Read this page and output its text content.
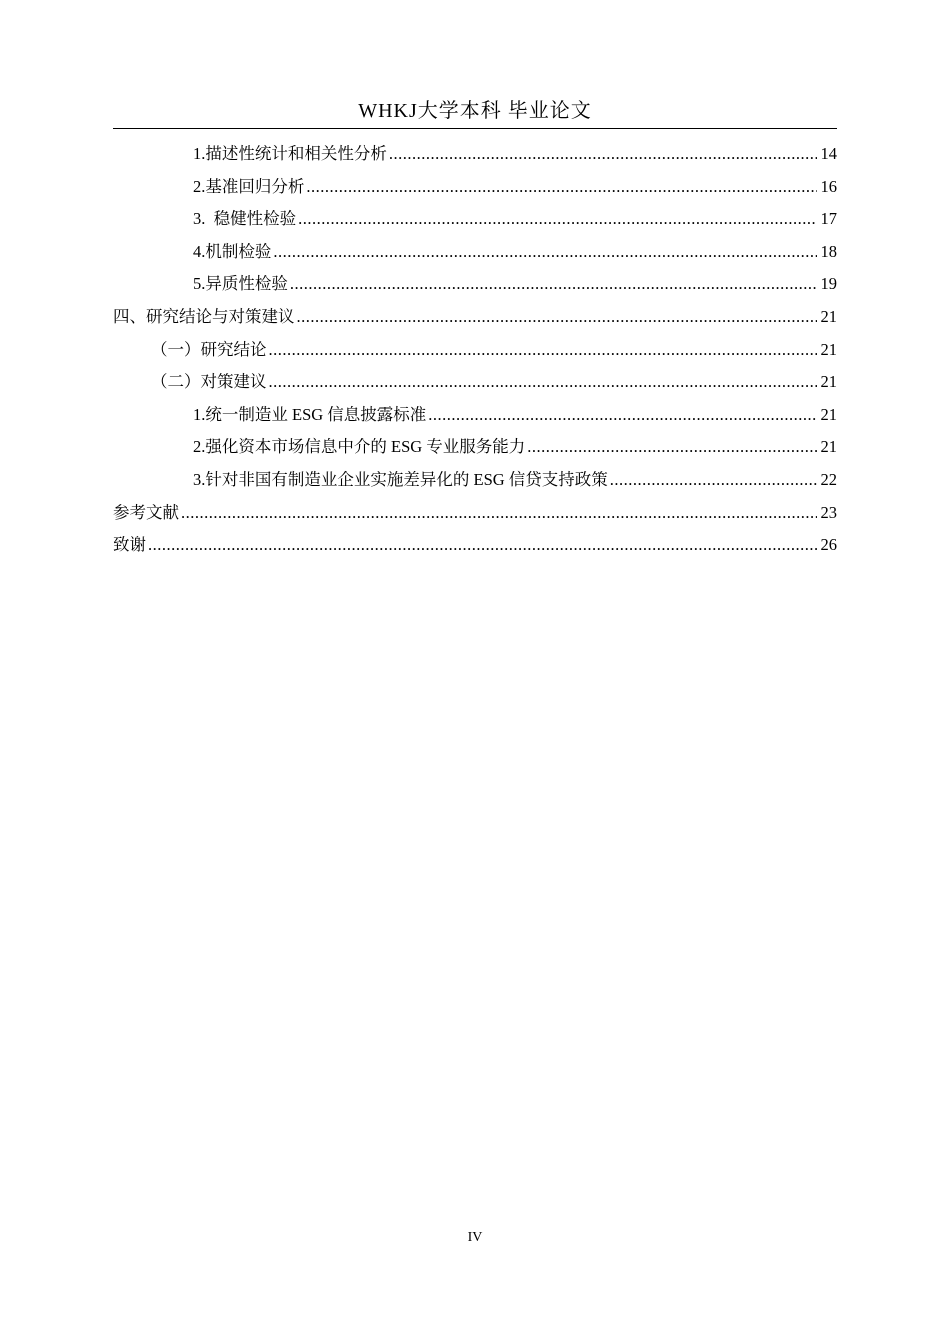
WHKJ大学本科 毕业论文
1.描述性统计和相关性分析 .....	14
2.基准回归分析 .....	16
3.  稳健性检验 .....	17
4.机制检验 .....	18
5.异质性检验 .....	19
四、研究结论与对策建议 .....	21
（一）研究结论 .....	21
（二）对策建议 .....	21
1.统一制造业 ESG 信息披露标准 .....	21
2.强化资本市场信息中介的 ESG 专业服务能力 .....	21
3.针对非国有制造业企业实施差异化的 ESG 信贷支持政策 .....	22
参考文献 .....	23
致谢 .....	26
IV
